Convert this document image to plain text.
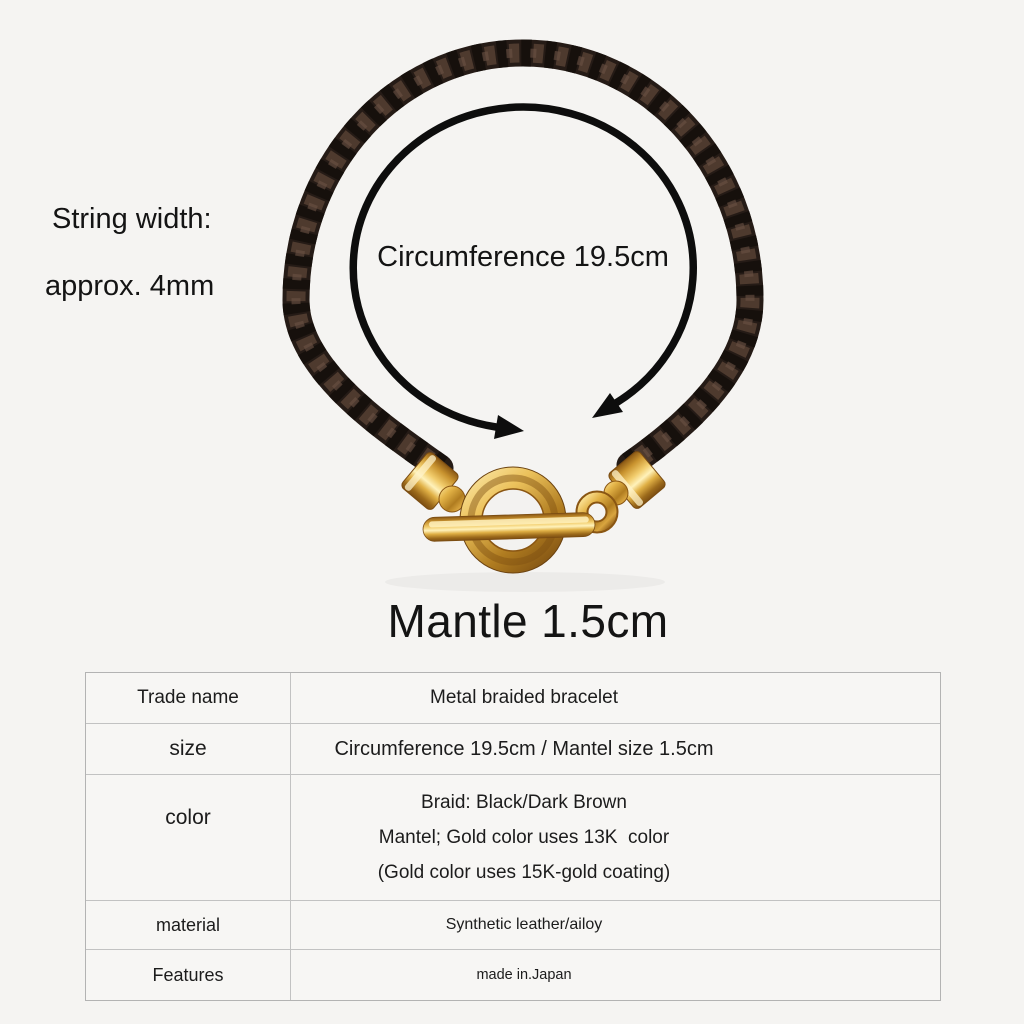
String width:
approx. 4mm
Circumference 19.5cm
Mantle 1.5cm
Trade name	Metal braided bracelet
size	Circumference 19.5cm / Mantel size 1.5cm
color
Braid: Black/Dark Brown
Mantel; Gold color uses 13K  color
(Gold color uses 15K-gold coating)
material	Synthetic leather/ailoy
Features	made in.Japan
